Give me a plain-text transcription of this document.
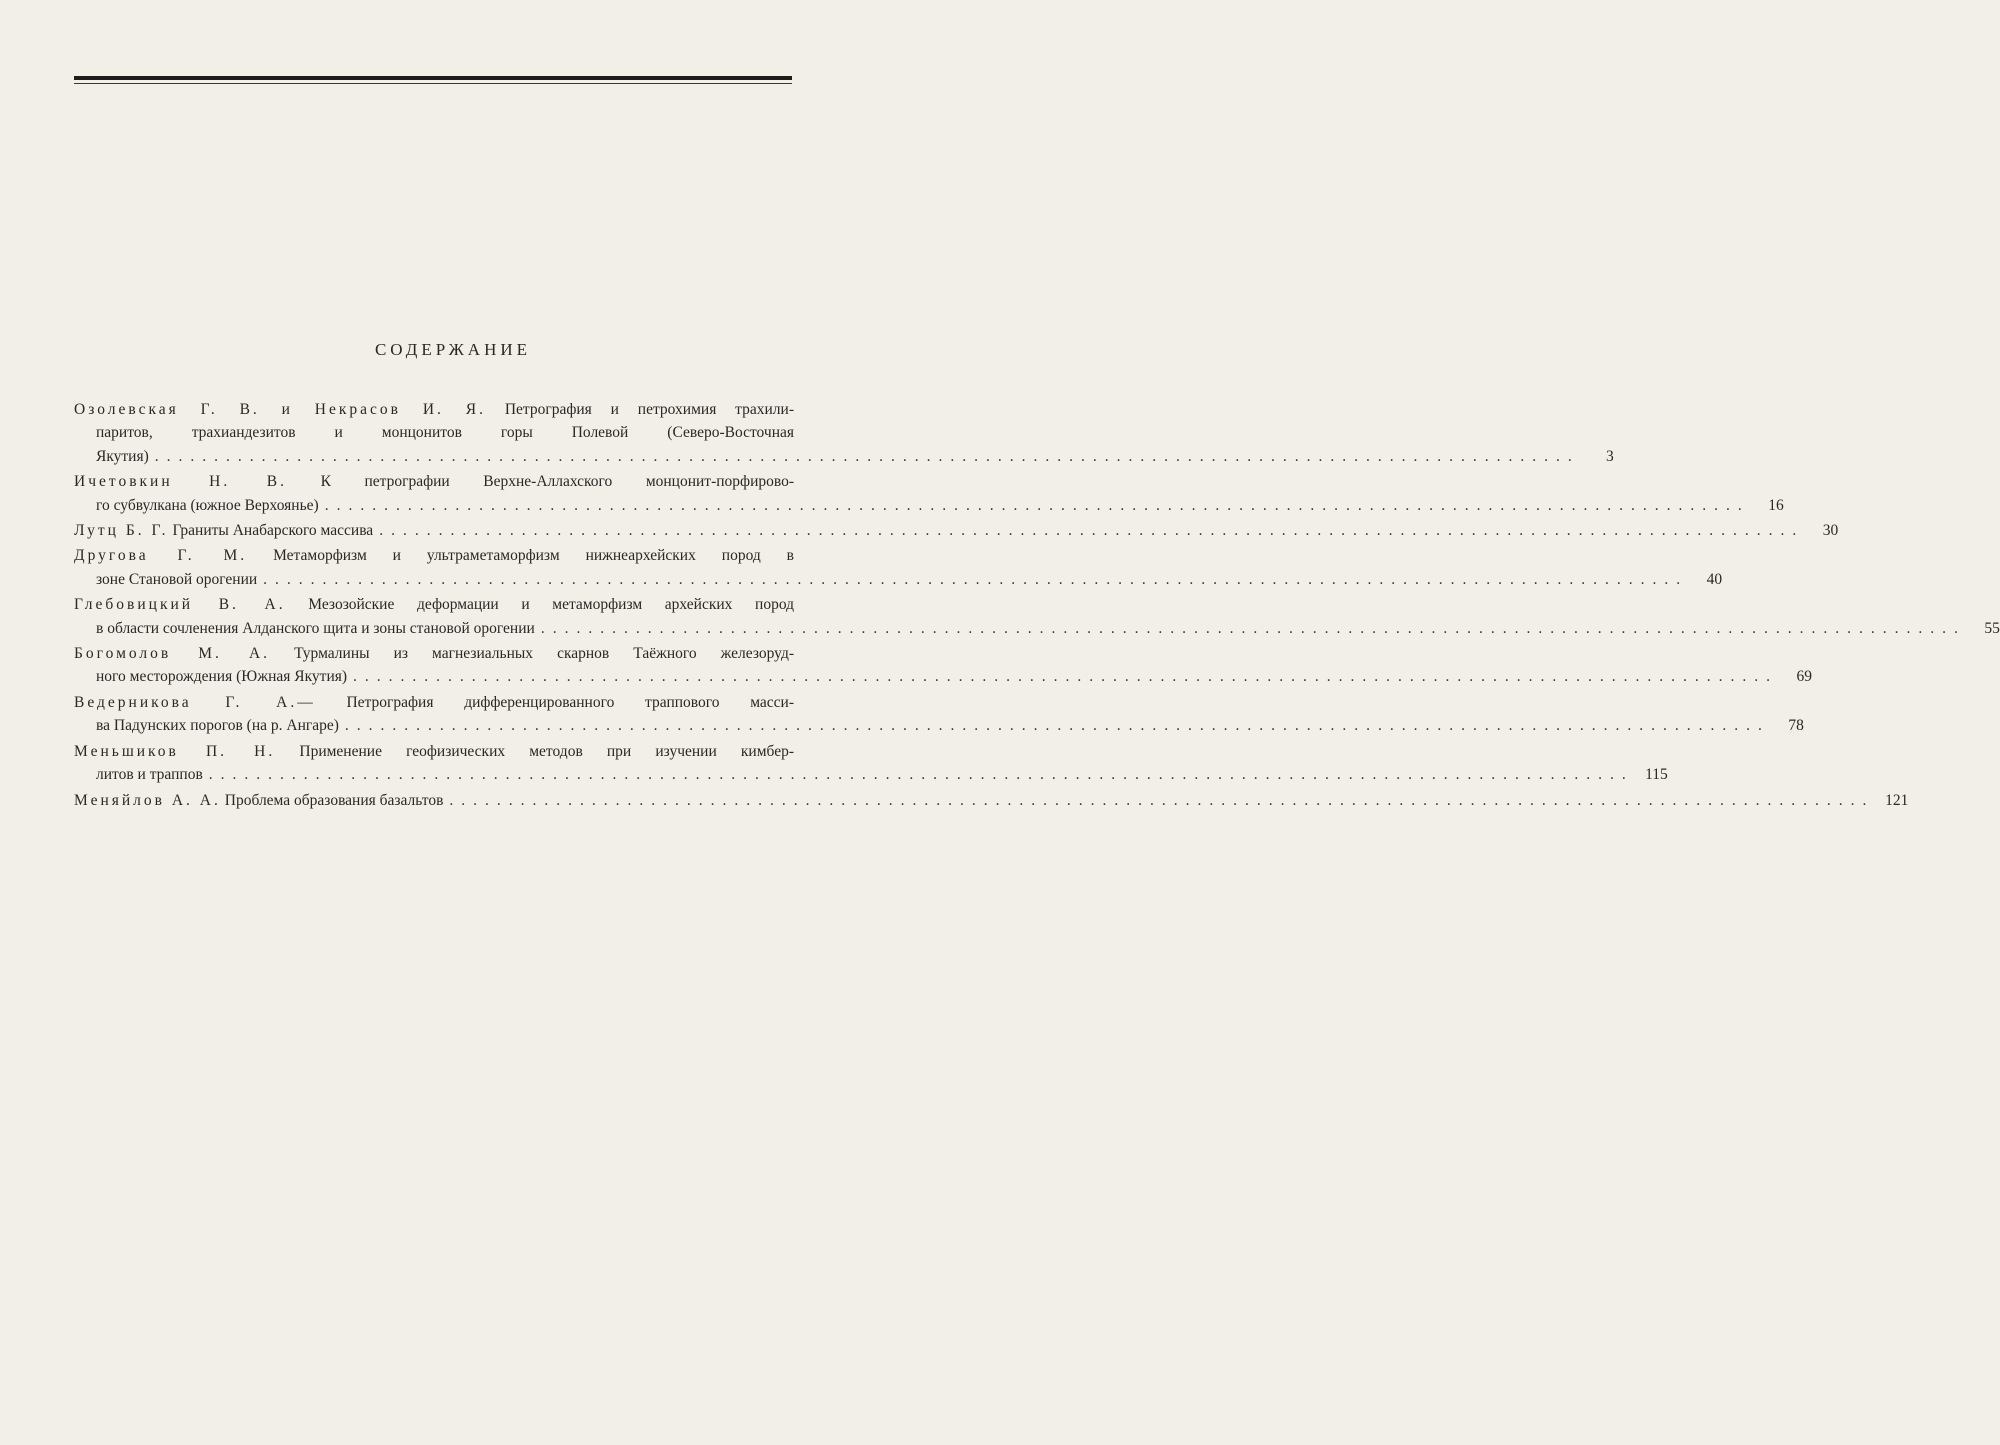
СОДЕРЖАНИЕ
Озолевская Г. В. и Некрасов И. Я. Петрография и петрохимия трахили-
паритов, трахиандезитов и монцонитов горы Полевой (Северо-Восточная
Якутия) ........................................................................................................................	3
Ичетовкин Н. В. К петрографии Верхне-Аллахского монцонит-порфирово-
го субвулкана (южное Верхоянье) ........................................................................................................................	16
Лутц Б. Г. Граниты Анабарского массива ........................................................................................................................	30
Другова Г. М. Метаморфизм и ультраметаморфизм нижнеархейских пород в
зоне Становой орогении ........................................................................................................................	40
Глебовицкий В. А. Мезозойские деформации и метаморфизм архейских пород
в области сочленения Алданского щита и зоны становой орогении ........................................................................................................................	55
Богомолов М. А. Турмалины из магнезиальных скарнов Таёжного железоруд-
ного месторождения (Южная Якутия) ........................................................................................................................	69
Ведерникова Г. А.— Петрография дифференцированного траппового масси-
ва Падунских порогов (на р. Ангаре) ........................................................................................................................	78
Меньшиков П. Н. Применение геофизических методов при изучении кимбер-
литов и траппов ........................................................................................................................ 115
Меняйлов А. А. Проблема образования базальтов ........................................................................................................................ 121
